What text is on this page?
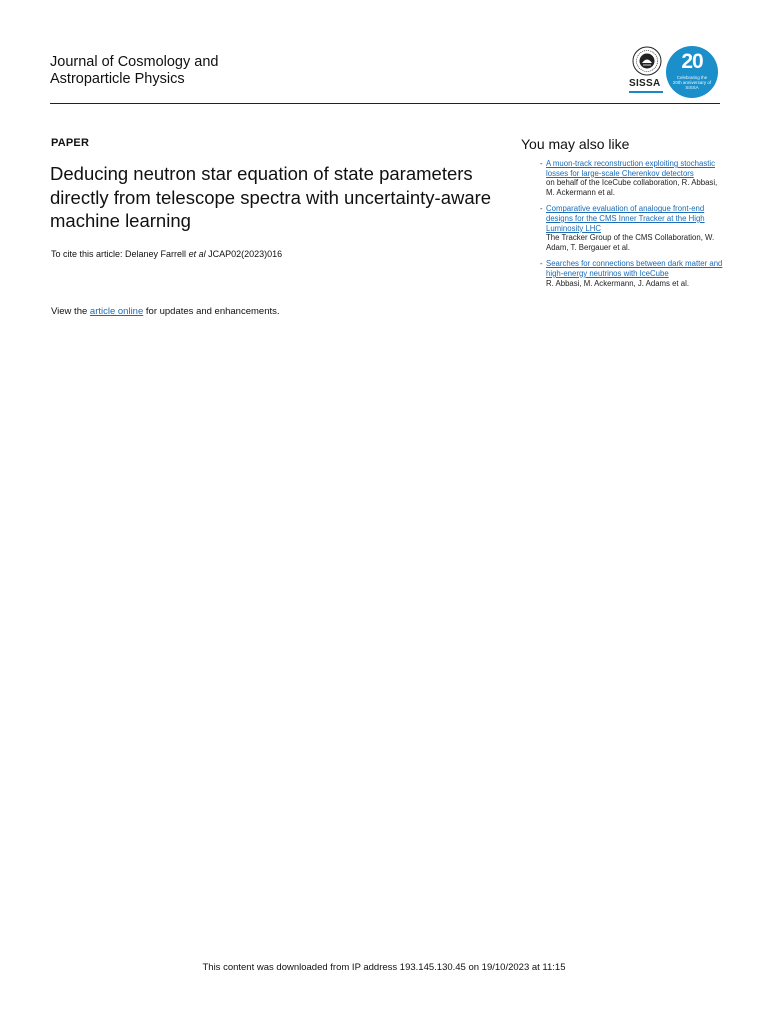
Journal of Cosmology and
Astroparticle Physics	SISSA
20
Celebrating the 20th anniversary of SISSA
PAPER
Deducing neutron star equation of state parameters directly from telescope spectra with uncertainty-aware machine learning
To cite this article: Delaney Farrell et al JCAP02(2023)016
View the article online for updates and enhancements.
You may also like
- A muon-track reconstruction exploiting stochastic losses for large-scale Cherenkov detectors
on behalf of the IceCube collaboration, R. Abbasi, M. Ackermann et al.
- Comparative evaluation of analogue front-end designs for the CMS Inner Tracker at the High Luminosity LHC
The Tracker Group of the CMS Collaboration, W. Adam, T. Bergauer et al.
- Searches for connections between dark matter and high-energy neutrinos with IceCube
R. Abbasi, M. Ackermann, J. Adams et al.
This content was downloaded from IP address 193.145.130.45 on 19/10/2023 at 11:15
